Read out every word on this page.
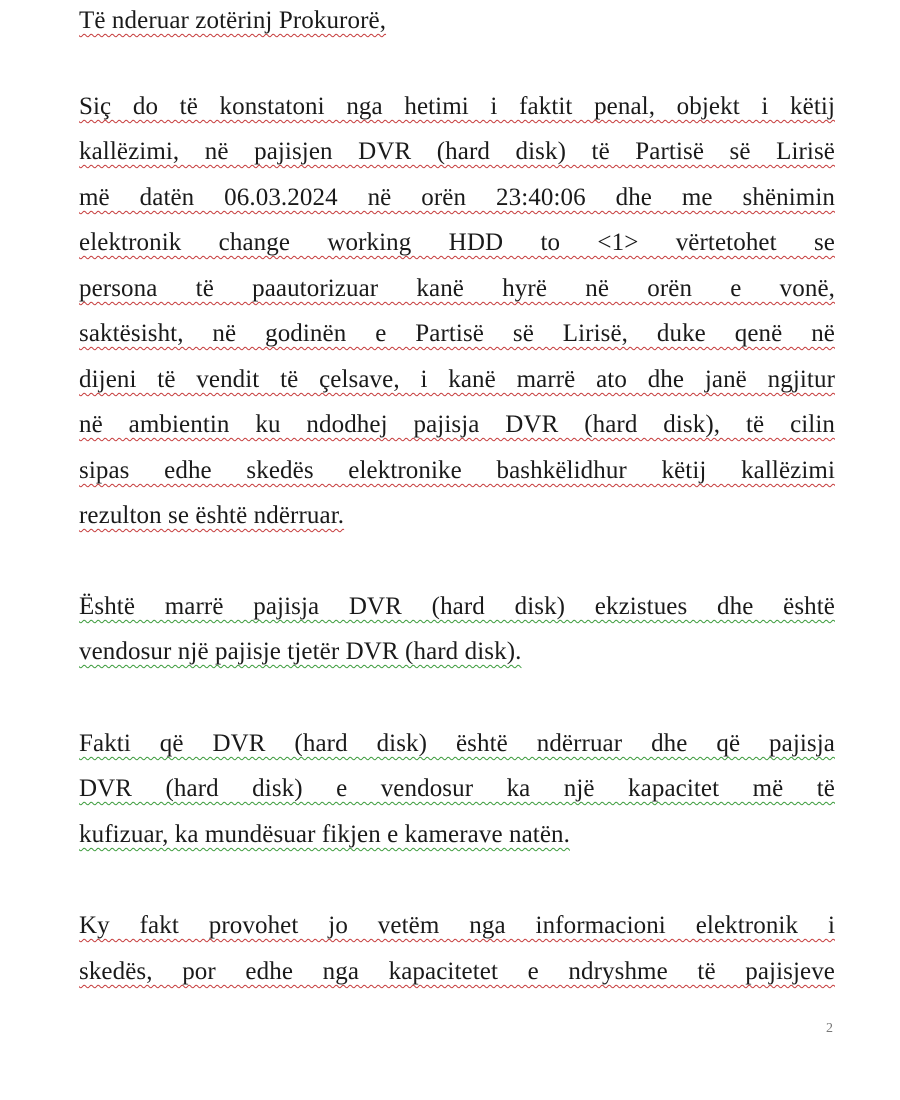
Të nderuar zotërinj Prokurorë,
Siç do të konstatoni nga hetimi i faktit penal, objekt i këtij
kallëzimi, në pajisjen DVR (hard disk) të Partisë së Lirisë
më datën 06.03.2024 në orën 23:40:06 dhe me shënimin
elektronik change working HDD to <1> vërtetohet se
persona të paautorizuar kanë hyrë në orën e vonë,
saktësisht, në godinën e Partisë së Lirisë, duke qenë në
dijeni të vendit të çelsave, i kanë marrë ato dhe janë ngjitur
në ambientin ku ndodhej pajisja DVR (hard disk), të cilin
sipas edhe skedës elektronike bashkëlidhur këtij kallëzimi
rezulton se është ndërruar.
Është marrë pajisja DVR (hard disk) ekzistues dhe është
vendosur një pajisje tjetër DVR (hard disk).
Fakti që DVR (hard disk) është ndërruar dhe që pajisja
DVR (hard disk) e vendosur ka një kapacitet më të
kufizuar, ka mundësuar fikjen e kamerave natën.
Ky fakt provohet jo vetëm nga informacioni elektronik i
skedës, por edhe nga kapacitetet e ndryshme të pajisjeve
2
